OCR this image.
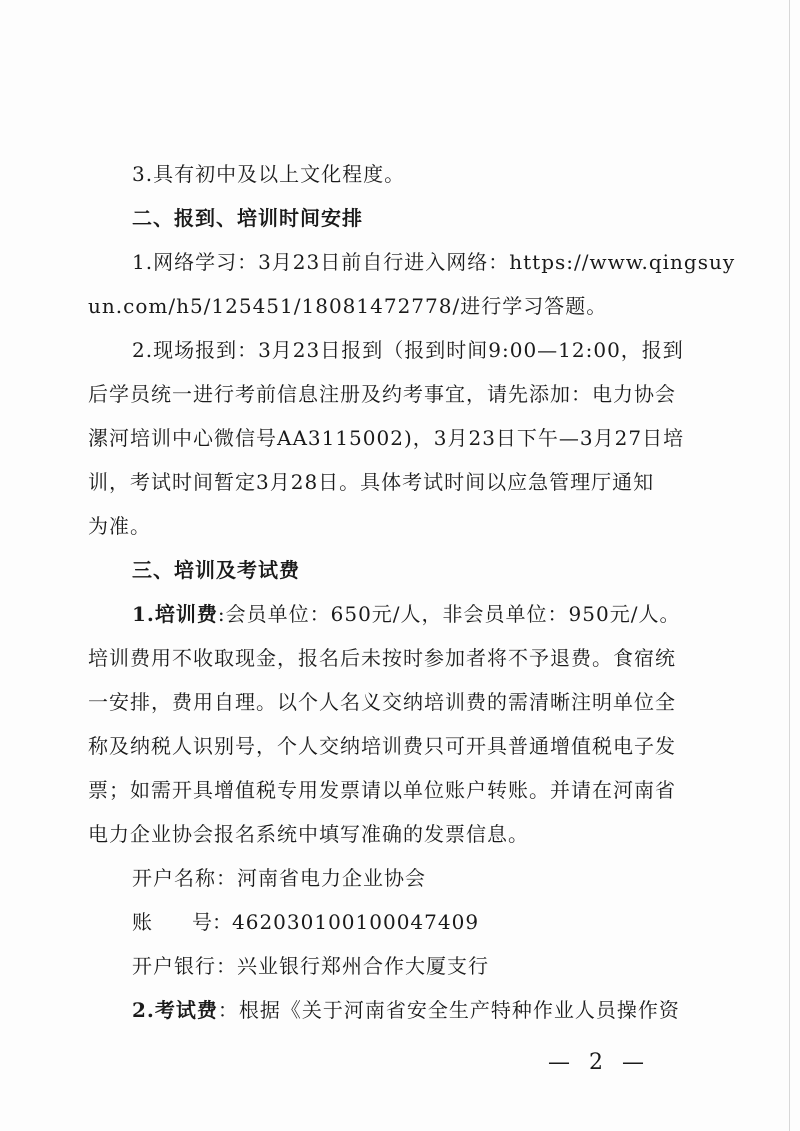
3.具有初中及以上文化程度。
二、报到、培训时间安排
1.网络学习：3月23日前自行进入网络：https://www.qingsuy
un.com/h5/125451/18081472778/进行学习答题。
2.现场报到：3月23日报到（报到时间9:00—12:00，报到
后学员统一进行考前信息注册及约考事宜，请先添加：电力协会
漯河培训中心微信号AA3115002)，3月23日下午—3月27日培
训，考试时间暂定3月28日。具体考试时间以应急管理厅通知
为准。
三、培训及考试费
1.培训费:会员单位：650元/人，非会员单位：950元/人。
培训费用不收取现金，报名后未按时参加者将不予退费。食宿统
一安排，费用自理。以个人名义交纳培训费的需清晰注明单位全
称及纳税人识别号，个人交纳培训费只可开具普通增值税电子发
票；如需开具增值税专用发票请以单位账户转账。并请在河南省
电力企业协会报名系统中填写准确的发票信息。
开户名称：河南省电力企业协会
账　　号：462030100100047409
开户银行：兴业银行郑州合作大厦支行
2.考试费：根据《关于河南省安全生产特种作业人员操作资
— 2 —
